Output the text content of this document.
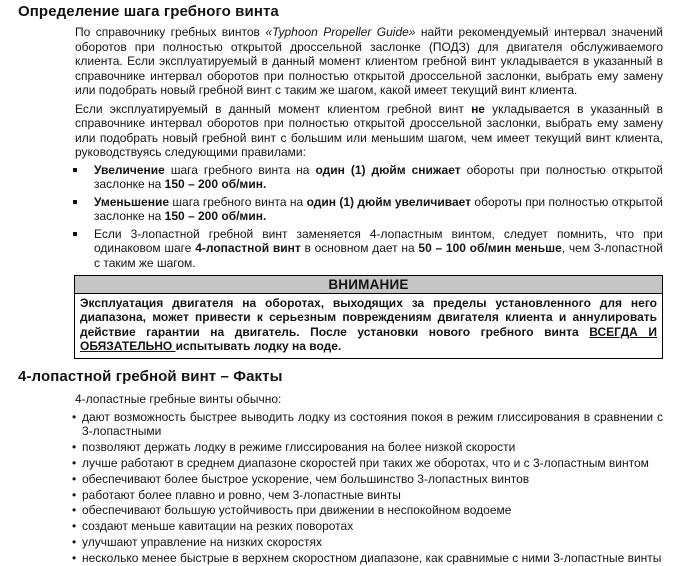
Определение шага гребного винта

По справочнику гребных винтов «Typhoon Propeller Guide» найти рекомендуемый интервал значений оборотов при полностью открытой дроссельной заслонке (ПОДЗ) для двигателя обслуживаемого клиента. Если эксплуатируемый в данный момент клиентом гребной винт укладывается в указанный в справочнике интервал оборотов при полностью открытой дроссельной заслонки, выбрать ему замену или подобрать новый гребной винт с таким же шагом, какой имеет текущий винт клиента.

Если эксплуатируемый в данный момент клиентом гребной винт не укладывается в указанный в справочнике интервал оборотов при полностью открытой дроссельной заслонки, выбрать ему замену или подобрать новый гребной винт с большим или меньшим шагом, чем имеет текущий винт клиента, руководствуясь следующими правилами:

Увеличение шага гребного винта на один (1) дюйм снижает обороты при полностью открытой заслонке на 150 – 200 об/мин.
Уменьшение шага гребного винта на один (1) дюйм увеличивает обороты при полностью открытой заслонке на 150 – 200 об/мин.
Если 3-лопастной гребной винт заменяется 4-лопастным винтом, следует помнить, что при одинаковом шаге 4-лопастной винт в основном дает на 50 – 100 об/мин меньше, чем 3-лопастной с таким же шагом.
ВНИМАНИЕ
Эксплуатация двигателя на оборотах, выходящих за пределы установленного для него диапазона, может привести к серьезным повреждениям двигателя клиента и аннулировать действие гарантии на двигатель. После установки нового гребного винта ВСЕГДА И ОБЯЗАТЕЛЬНО испытывать лодку на воде.
4-лопастной гребной винт – Факты

4-лопастные гребные винты обычно:

• дают возможность быстрее выводить лодку из состояния покоя в режим глиссирования в сравнении с 3-лопастными
• позволяют держать лодку в режиме глиссирования на более низкой скорости
• лучше работают в среднем диапазоне скоростей при таких же оборотах, что и с 3-лопастным винтом
• обеспечивают более быстрое ускорение, чем большинство 3-лопастных винтов
• работают более плавно и ровно, чем 3-лопастные винты
• обеспечивают большую устойчивость при движении в неспокойном водоеме
• создают меньше кавитации на резких поворотах
• улучшают управление на низких скоростях
• несколько менее быстрые в верхнем скоростном диапазоне, как сравнимые с ними 3-лопастные винты
